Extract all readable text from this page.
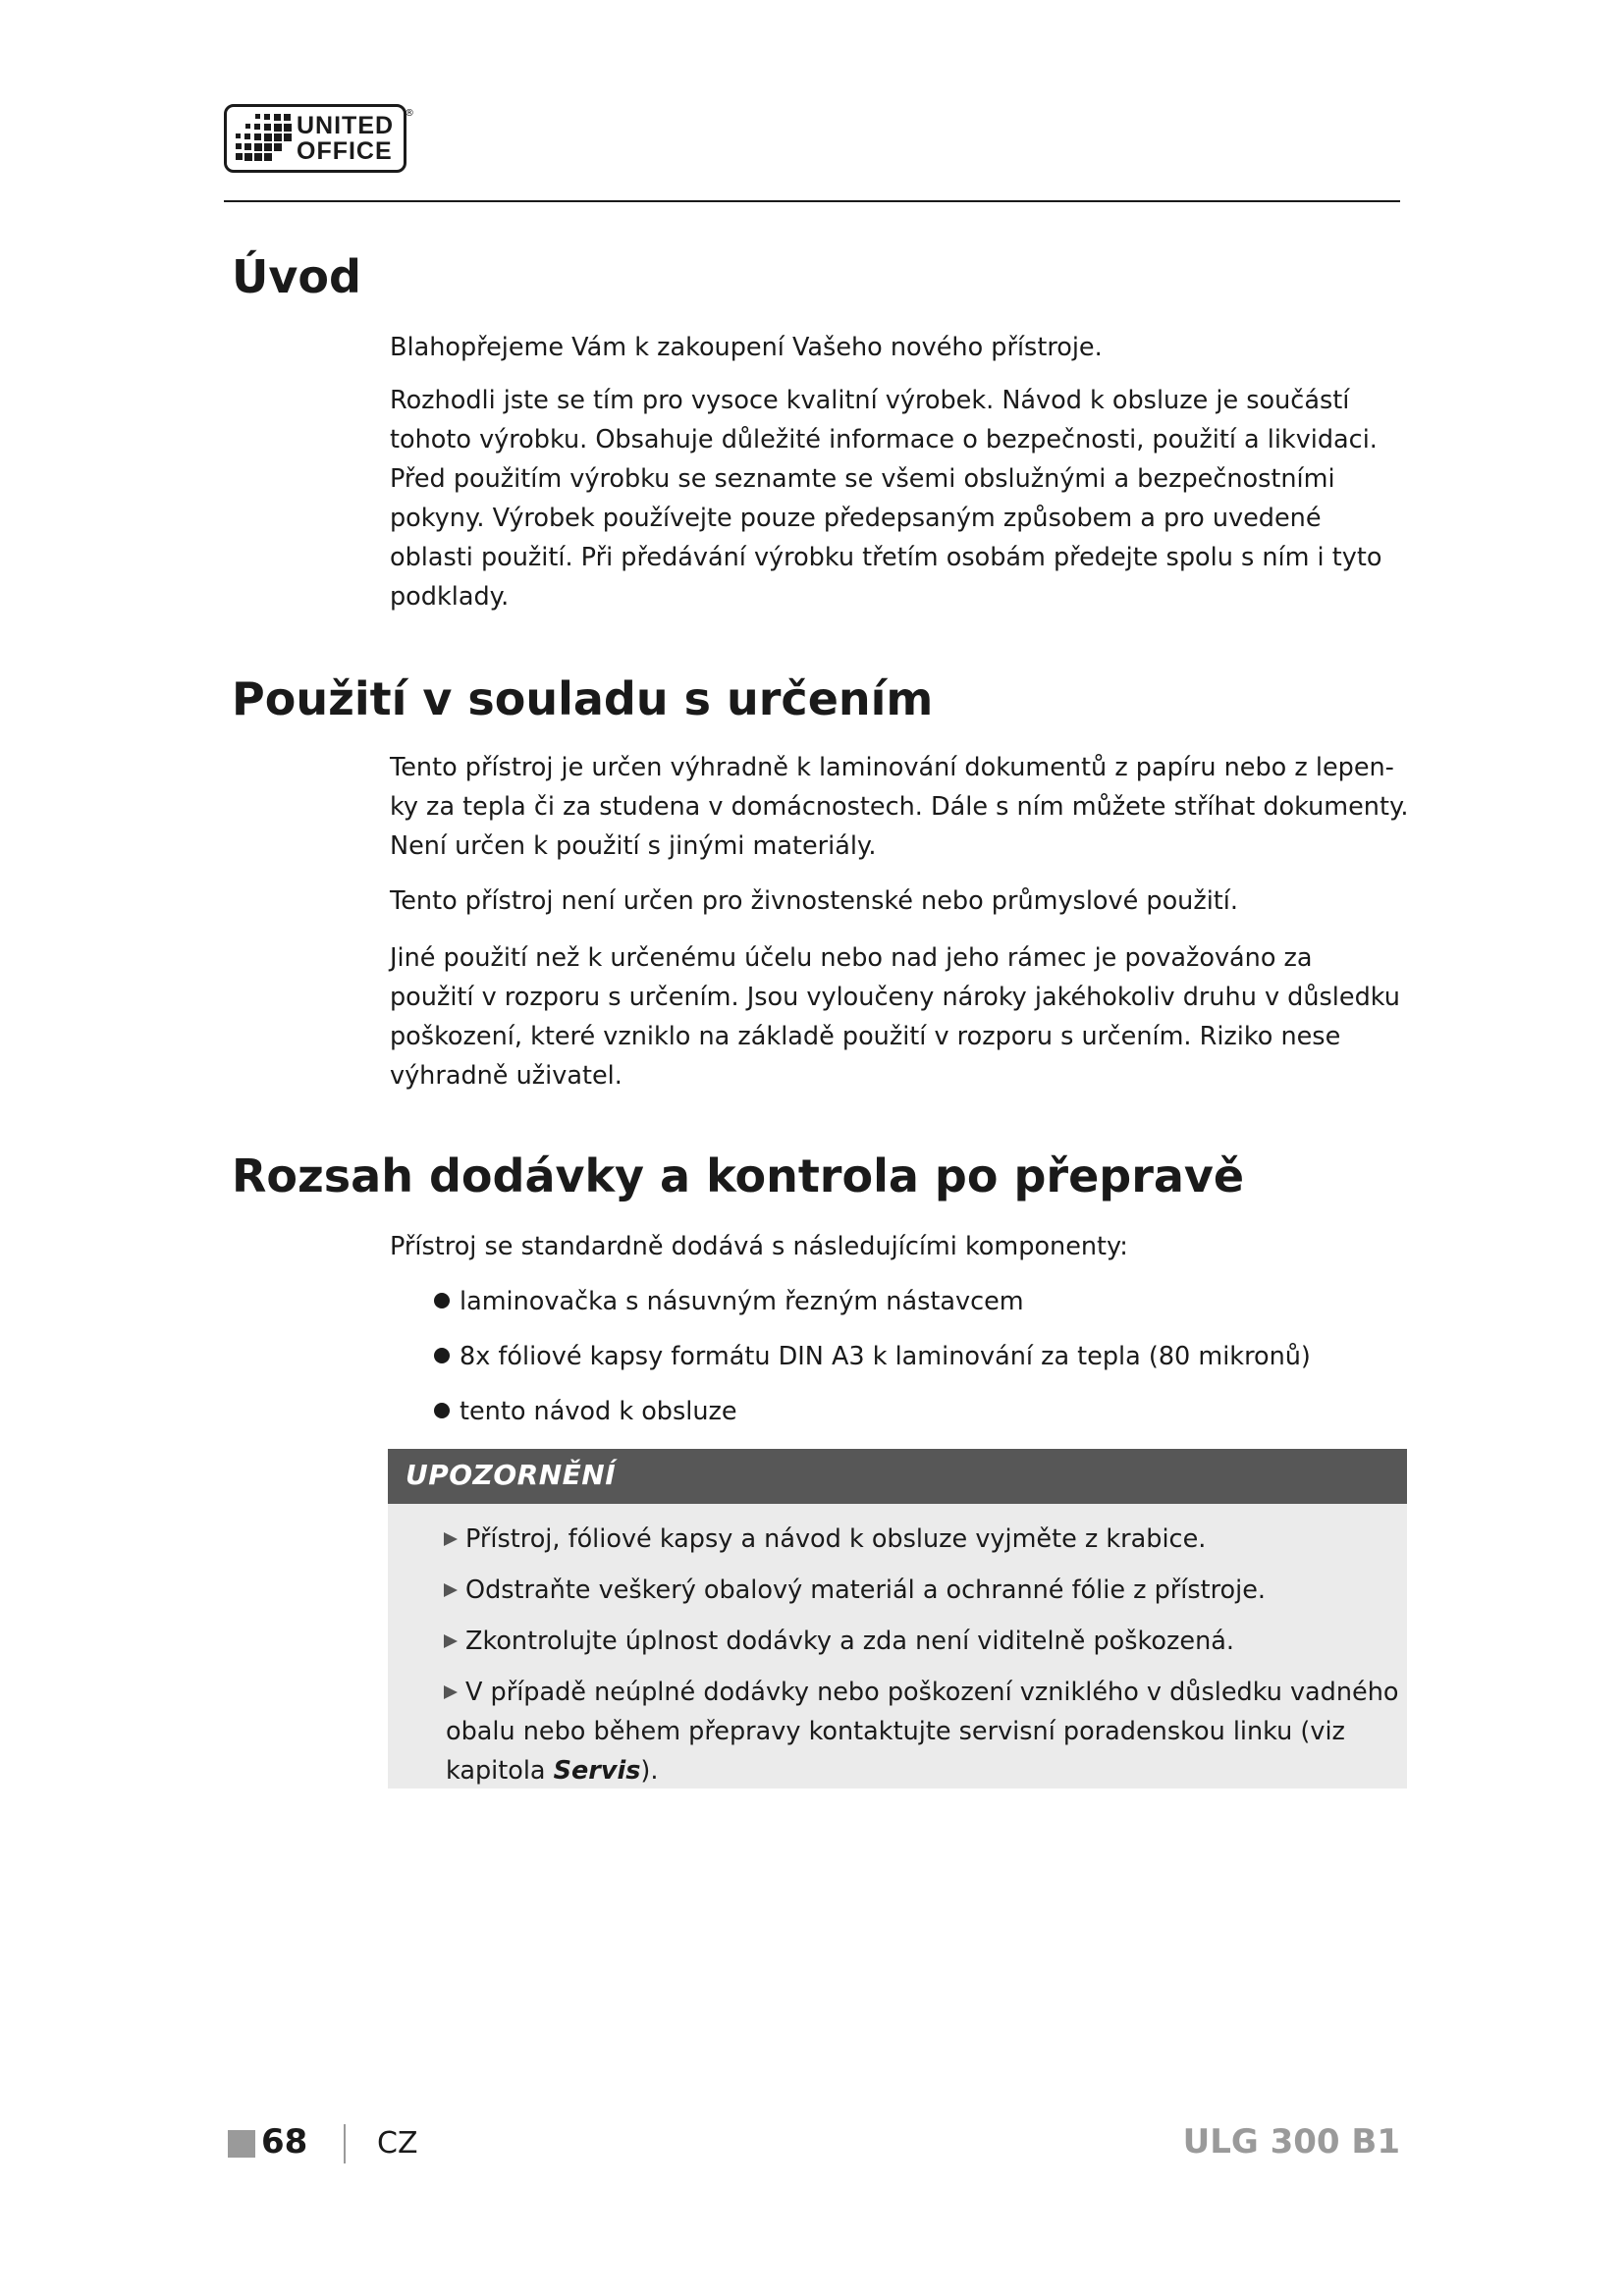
UNITED
OFFICE
®
Úvod

Blahopřejeme Vám k zakoupení Vašeho nového přístroje.

Rozhodli jste se tím pro vysoce kvalitní výrobek. Návod k obsluze je součástí
tohoto výrobku. Obsahuje důležité informace o bezpečnosti, použití a likvidaci.
Před použitím výrobku se seznamte se všemi obslužnými a bezpečnostními
pokyny. Výrobek používejte pouze předepsaným způsobem a pro uvedené
oblasti použití. Při předávání výrobku třetím osobám předejte spolu s ním i tyto
podklady.

Použití v souladu s určením

Tento přístroj je určen výhradně k laminování dokumentů z papíru nebo z lepen-
ky za tepla či za studena v domácnostech. Dále s ním můžete stříhat dokumenty.
Není určen k použití s jinými materiály.

Tento přístroj není určen pro živnostenské nebo průmyslové použití.

Jiné použití než k určenému účelu nebo nad jeho rámec je považováno za
použití v rozporu s určením. Jsou vyloučeny nároky jakéhokoliv druhu v důsledku
poškození, které vzniklo na základě použití v rozporu s určením. Riziko nese
výhradně uživatel.

Rozsah dodávky a kontrola po přepravě

Přístroj se standardně dodává s následujícími komponenty:

laminovačka s násuvným řezným nástavcem

8x fóliové kapsy formátu DIN A3 k laminování za tepla (80 mikronů)

tento návod k obsluze

UPOZORNĚNÍ
Přístroj, fóliové kapsy a návod k obsluze vyjměte z krabice.
Odstraňte veškerý obalový materiál a ochranné fólie z přístroje.
Zkontrolujte úplnost dodávky a zda není viditelně poškozená.
V případě neúplné dodávky nebo poškození vzniklého v důsledku vadného
obalu nebo během přepravy kontaktujte servisní poradenskou linku (viz
kapitola Servis).
68 CZ	ULG 300 B1
